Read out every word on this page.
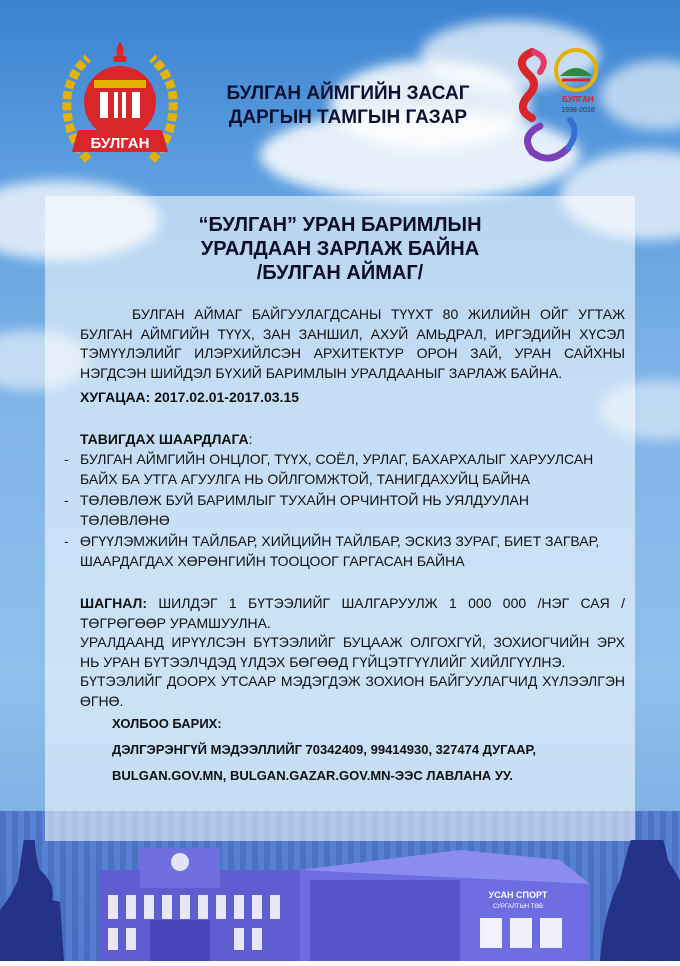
БУЛГАН
БУЛГАН АЙМГИЙН ЗАСАГ
ДАРГЫН ТАМГЫН ГАЗАР
БУЛГАН
1938-2018
“БУЛГАН” УРАН БАРИМЛЫН
УРАЛДААН ЗАРЛАЖ БАЙНА
/БУЛГАН АЙМАГ/
БУЛГАН АЙМАГ БАЙГУУЛАГДСАНЫ ТҮҮХТ 80 ЖИЛИЙН ОЙГ УГТАЖ БУЛГАН АЙМГИЙН ТҮҮХ, ЗАН ЗАНШИЛ, АХУЙ АМЬДРАЛ, ИРГЭДИЙН ХҮСЭЛ ТЭМҮҮЛЭЛИЙГ ИЛЭРХИЙЛСЭН АРХИТЕКТУР ОРОН ЗАЙ, УРАН САЙХНЫ НЭГДСЭН ШИЙДЭЛ БҮХИЙ БАРИМЛЫН УРАЛДААНЫГ ЗАРЛАЖ БАЙНА.
ХУГАЦАА: 2017.02.01-2017.03.15
ТАВИГДАХ ШААРДЛАГА:
- БУЛГАН АЙМГИЙН ОНЦЛОГ, ТҮҮХ, СОЁЛ, УРЛАГ, БАХАРХАЛЫГ ХАРУУЛСАН БАЙХ БА УТГА АГУУЛГА НЬ ОЙЛГОМЖТОЙ, ТАНИГДАХУЙЦ БАЙНА
- ТӨЛӨВЛӨЖ БУЙ БАРИМЛЫГ ТУХАЙН ОРЧИНТОЙ НЬ УЯЛДУУЛАН ТӨЛӨВЛӨНӨ
- ӨГҮҮЛЭМЖИЙН ТАЙЛБАР, ХИЙЦИЙН ТАЙЛБАР, ЭСКИЗ ЗУРАГ, БИЕТ ЗАГВАР, ШААРДАГДАХ ХӨРӨНГИЙН ТООЦООГ ГАРГАСАН БАЙНА
ШАГНАЛ: ШИЛДЭГ 1 БҮТЭЭЛИЙГ ШАЛГАРУУЛЖ 1 000 000 /НЭГ САЯ / ТӨГРӨГӨӨР УРАМШУУЛНА.
УРАЛДААНД ИРҮҮЛСЭН БҮТЭЭЛИЙГ БУЦААЖ ОЛГОХГҮЙ, ЗОХИОГЧИЙН ЭРХ НЬ УРАН БҮТЭЭЛЧДЭД ҮЛДЭХ БӨГӨӨД ГҮЙЦЭТГҮҮЛИЙГ ХИЙЛГҮҮЛНЭ.
БҮТЭЭЛИЙГ ДООРХ УТСААР МЭДЭГДЭЖ ЗОХИОН БАЙГУУЛАГЧИД ХҮЛЭЭЛГЭН ӨГНӨ.
ХОЛБОО БАРИХ:
ДЭЛГЭРЭНГҮЙ МЭДЭЭЛЛИЙГ 70342409, 99414930, 327474 ДУГААР,
BULGAN.GOV.MN, BULGAN.GAZAR.GOV.MN-ЭЭС ЛАВЛАНА УУ.
УСАН СПОРТ
СУРГАЛТЫН ТӨВ
